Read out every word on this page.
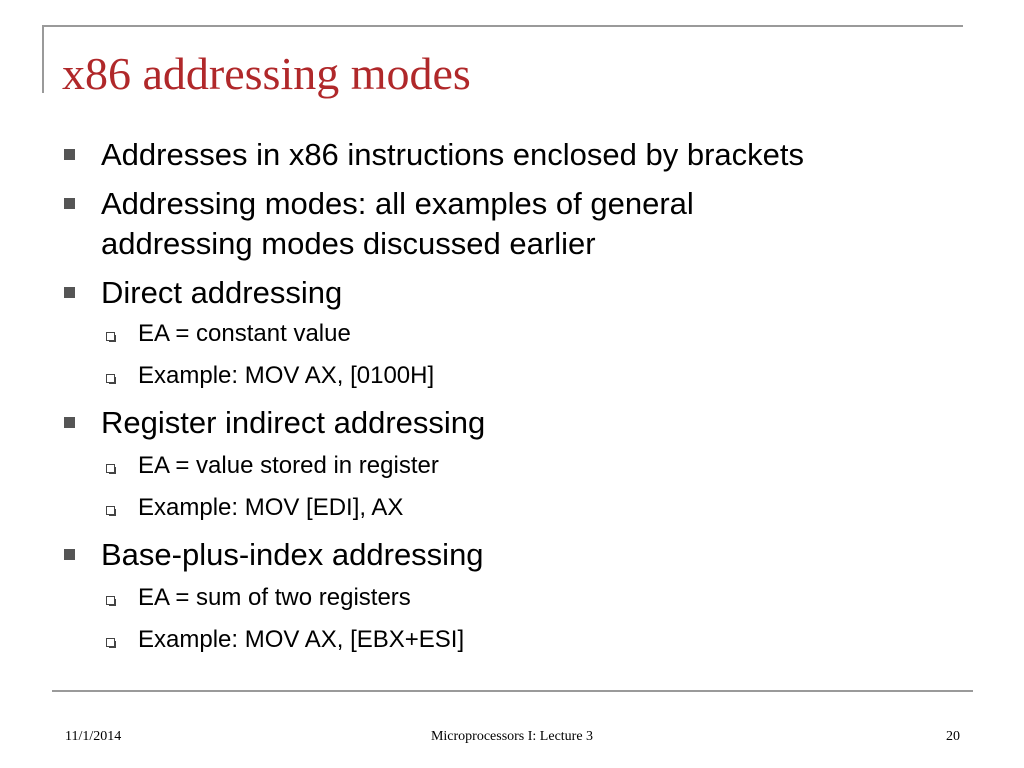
x86 addressing modes
Addresses in x86 instructions enclosed by brackets
Addressing modes: all examples of general
addressing modes discussed earlier
Direct addressing
EA = constant value
Example: MOV AX, [0100H]
Register indirect addressing
EA = value stored in register
Example: MOV [EDI], AX
Base-plus-index addressing
EA = sum of two registers
Example: MOV AX, [EBX+ESI]
11/1/2014	Microprocessors I: Lecture 3	20
